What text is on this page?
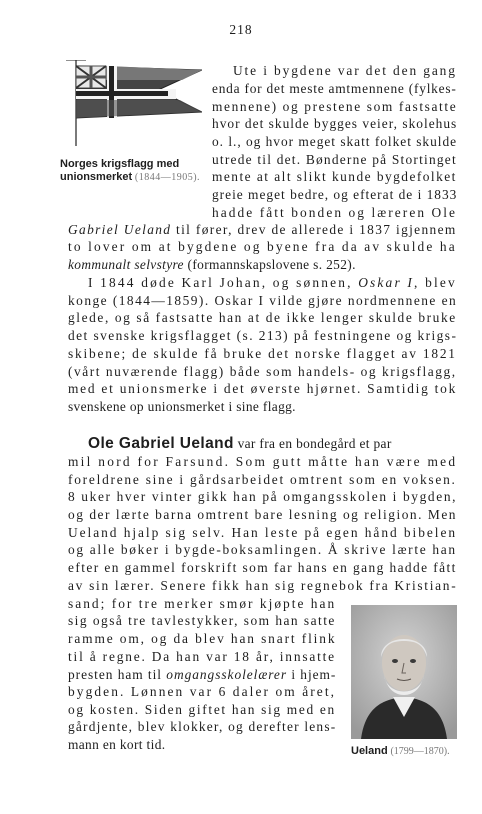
218
Norges krigsflagg med
unionsmerket (1844—1905).
Ute i bygdene var det den gang
enda for det meste amtmennene (fylkes-
mennene) og prestene som fastsatte
hvor det skulde bygges veier, skolehus
o. l., og hvor meget skatt folket skulde
utrede til det. Bønderne på Stortinget
mente at alt slikt kunde bygdefolket
greie meget bedre, og efterat de i 1833
hadde fått bonden og læreren Ole
Gabriel Ueland til fører, drev de allerede i 1837 igjennem
to lover om at bygdene og byene fra da av skulde ha
kommunalt selvstyre (formannskapslovene s. 252).
I 1844 døde Karl Johan, og sønnen, Oskar I, blev
konge (1844—1859). Oskar I vilde gjøre nordmennene en
glede, og så fastsatte han at de ikke lenger skulde bruke
det svenske krigsflagget (s. 213) på festningene og krigs-
skibene; de skulde få bruke det norske flagget av 1821
(vårt nuværende flagg) både som handels- og krigsflagg,
med et unionsmerke i det øverste hjørnet. Samtidig tok
svenskene op unionsmerket i sine flagg.
Ole Gabriel Ueland var fra en bondegård et par
mil nord for Farsund. Som gutt måtte han være med
foreldrene sine i gårdsarbeidet omtrent som en voksen.
8 uker hver vinter gikk han på omgangsskolen i bygden,
og der lærte barna omtrent bare lesning og religion. Men
Ueland hjalp sig selv. Han leste på egen hånd bibelen
og alle bøker i bygde-boksamlingen. Å skrive lærte han
efter en gammel forskrift som far hans en gang hadde fått
av sin lærer. Senere fikk han sig regnebok fra Kristian-
sand; for tre merker smør kjøpte han
sig også tre tavlestykker, som han satte
ramme om, og da blev han snart flink
til å regne. Da han var 18 år, innsatte
presten ham til omgangsskolelærer i hjem-
bygden. Lønnen var 6 daler om året,
og kosten. Siden giftet han sig med en
gårdjente, blev klokker, og derefter lens-
mann en kort tid.	Ueland (1799—1870).
